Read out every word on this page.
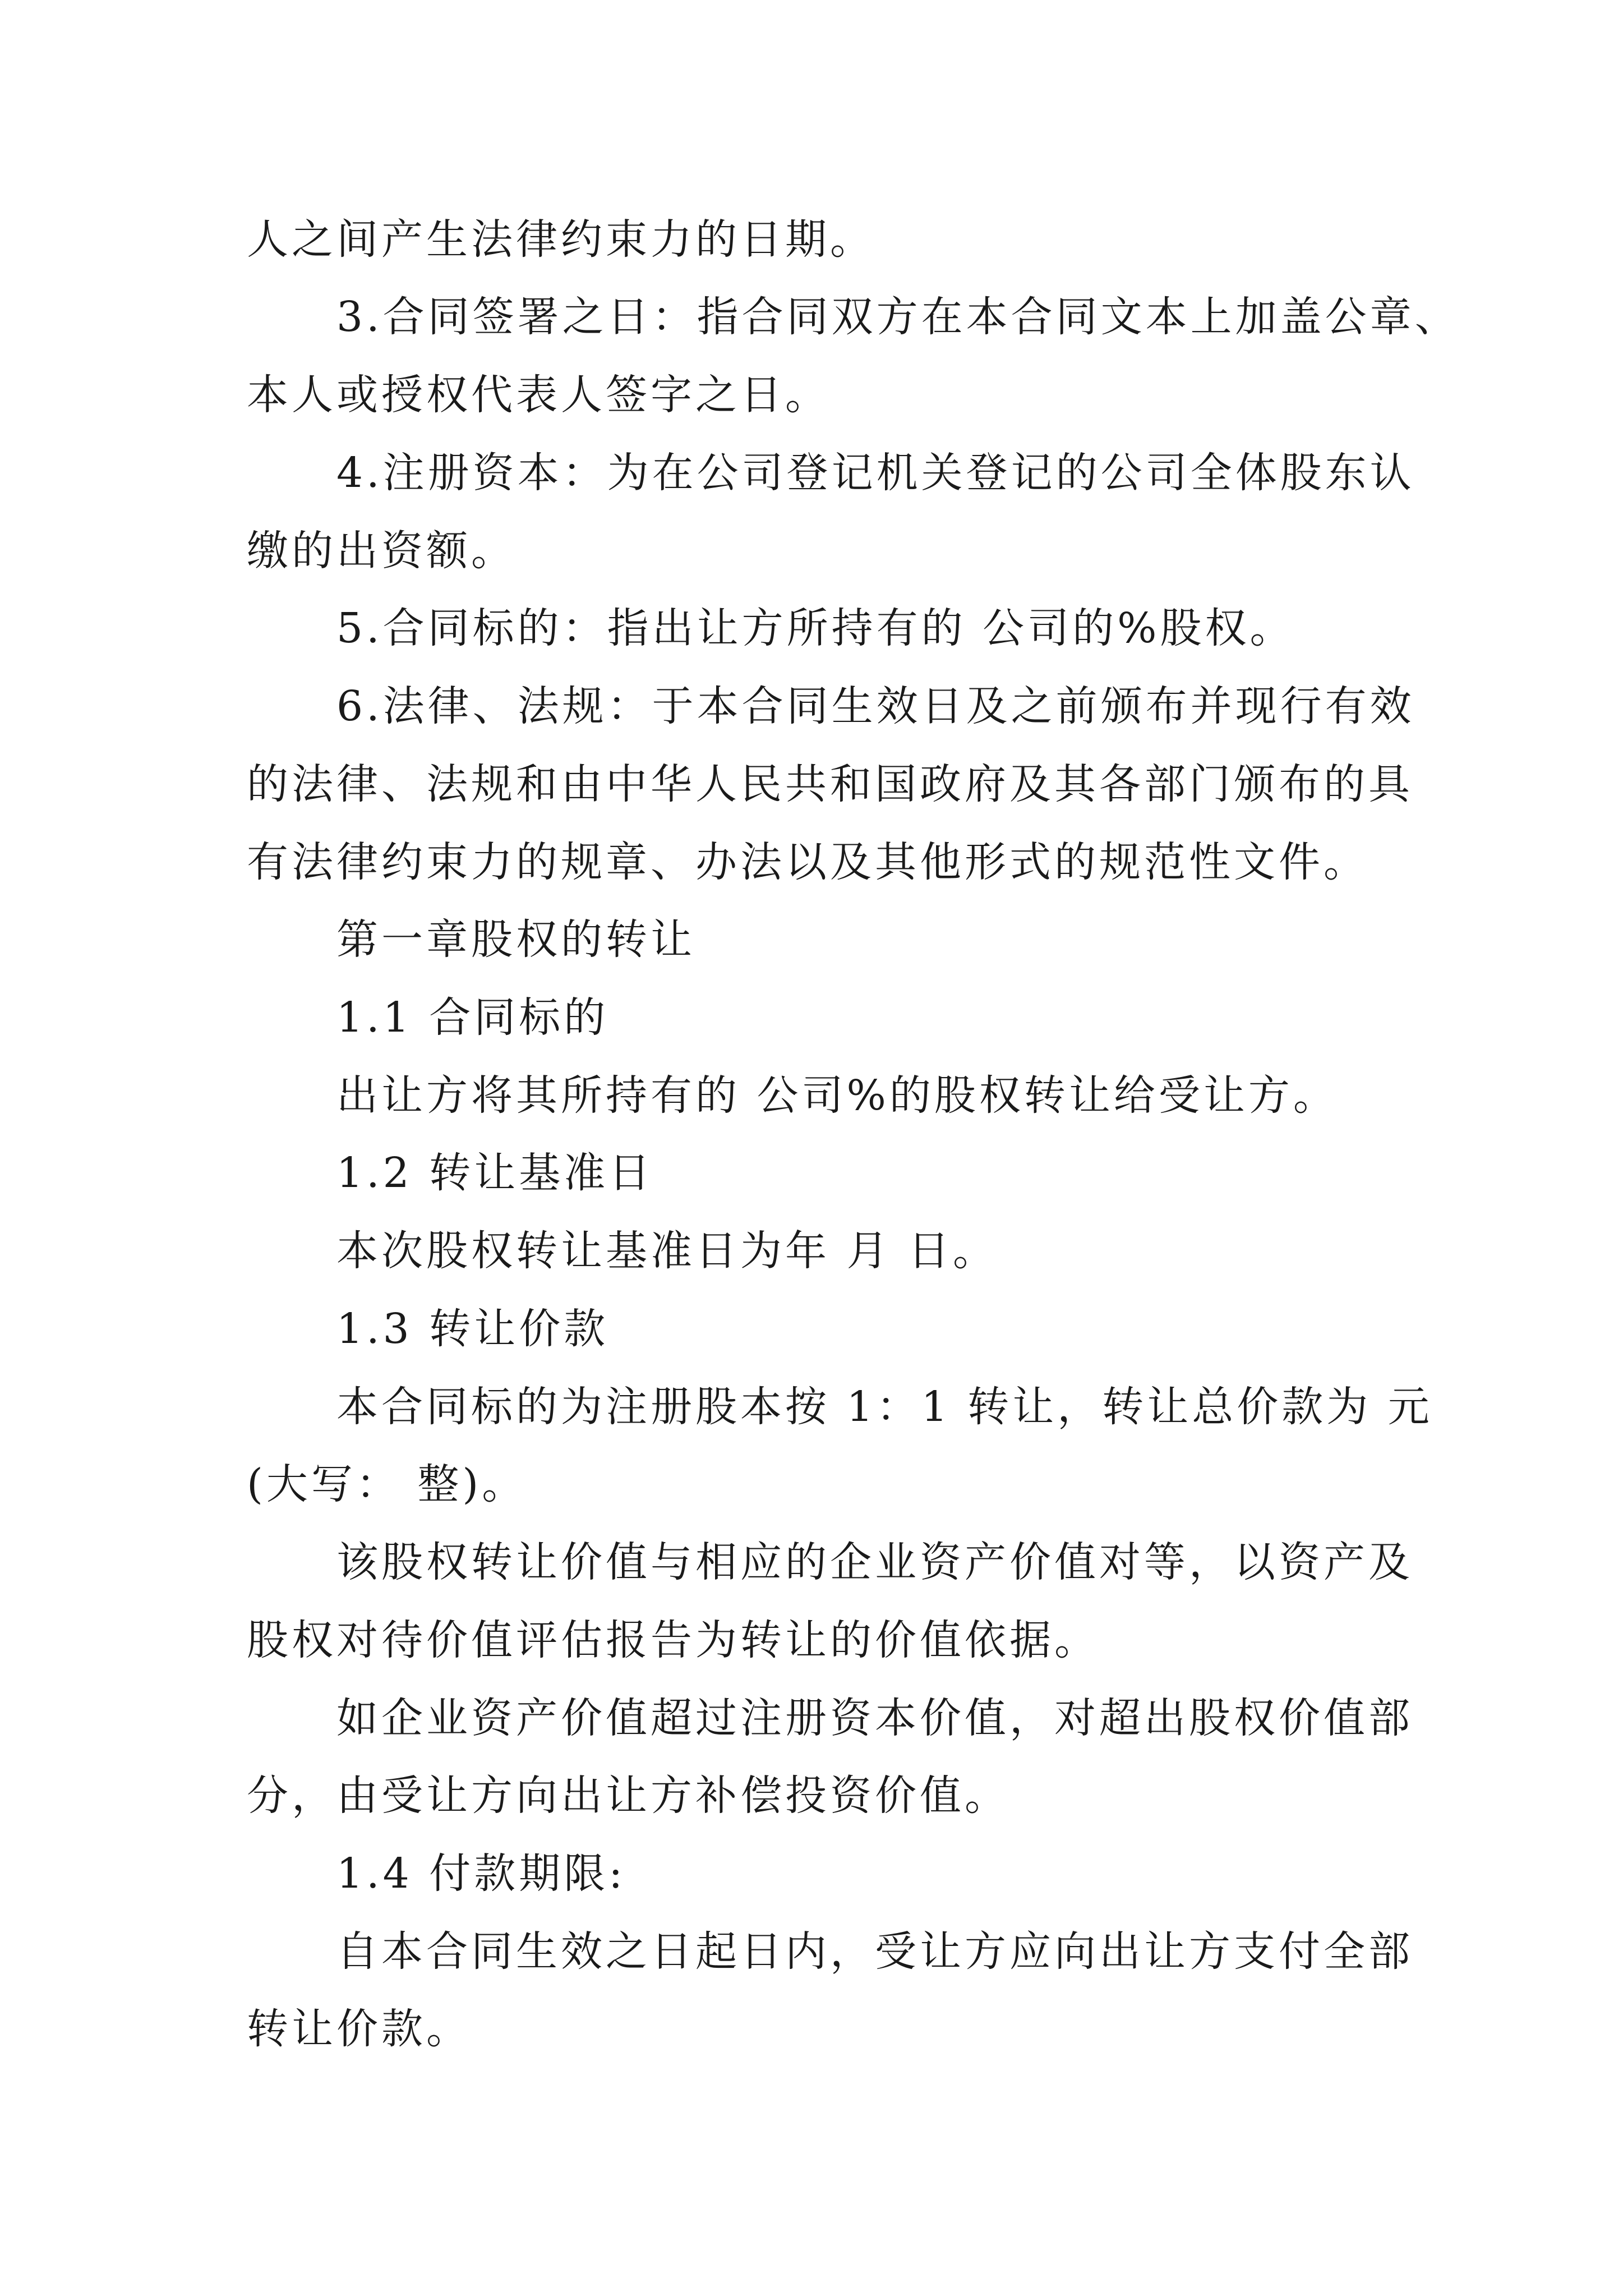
人之间产生法律约束力的日期。

3.合同签署之日：指合同双方在本合同文本上加盖公章、

本人或授权代表人签字之日。

4.注册资本：为在公司登记机关登记的公司全体股东认

缴的出资额。

5.合同标的：指出让方所持有的 公司的%股权。

6.法律、法规：于本合同生效日及之前颁布并现行有效

的法律、法规和由中华人民共和国政府及其各部门颁布的具

有法律约束力的规章、办法以及其他形式的规范性文件。

第一章股权的转让

1.1 合同标的

出让方将其所持有的 公司%的股权转让给受让方。

1.2 转让基准日

本次股权转让基准日为年 月 日。

1.3 转让价款

本合同标的为注册股本按 1：1 转让，转让总价款为 元

(大写： 整)。

该股权转让价值与相应的企业资产价值对等，以资产及

股权对待价值评估报告为转让的价值依据。

如企业资产价值超过注册资本价值，对超出股权价值部

分，由受让方向出让方补偿投资价值。

1.4 付款期限:

自本合同生效之日起日内，受让方应向出让方支付全部

转让价款。
